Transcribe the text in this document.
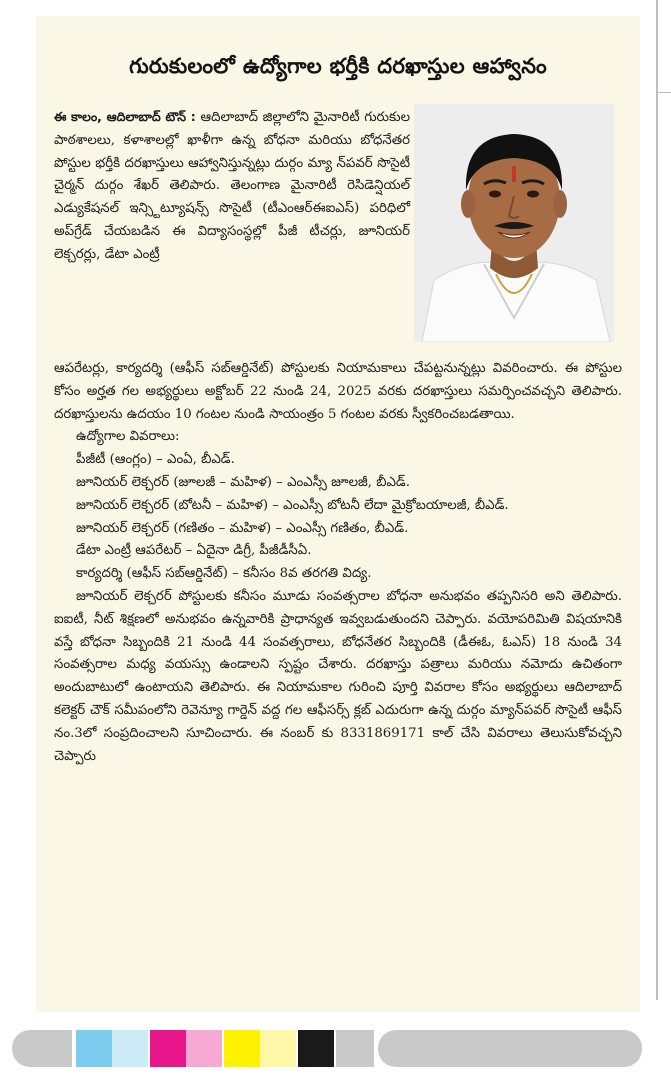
గురుకులంలో ఉద్యోగాల భర్తీకి దరఖాస్తుల ఆహ్వానం
ఈ కాలం, ఆదిలాబాద్ టౌన్ : ఆదిలాబాద్ జిల్లాలోని మైనారిటీ గురుకుల పాఠశాలలు, కళాశాలల్లో ఖాళీగా ఉన్న బోధనా మరియు బోధనేతర పోస్టుల భర్తీకి దరఖాస్తులు ఆహ్వానిస్తున్నట్లు దుర్గం మ్యా న్‌పవర్ సొసైటీ చైర్మన్ దుర్గం శేఖర్ తెలిపారు. తెలంగాణ మైనారిటీ రెసిడెన్షియల్ ఎడ్యుకేషనల్ ఇన్స్టిట్యూషన్స్ సొసైటీ (టీఎంఆర్ఈఐఎస్) పరిధిలో అప్‌గ్రేడ్ చేయబడిన ఈ విద్యాసంస్థల్లో పీజీ టీచర్లు, జూనియర్ లెక్చరర్లు, డేటా ఎంట్రీ

ఆపరేటర్లు, కార్యదర్శి (ఆఫీస్ సబ్‌ఆర్డినేట్) పోస్టులకు నియామకాలు చేపట్టనున్నట్లు వివరించారు. ఈ పోస్టుల కోసం అర్హత గల అభ్యర్థులు అక్టోబర్ 22 నుండి 24, 2025 వరకు దరఖాస్తులు సమర్పించవచ్చని తెలిపారు. దరఖాస్తులను ఉదయం 10 గంటల నుండి సాయంత్రం 5 గంటల వరకు స్వీకరించబడతాయి.

ఉద్యోగాల వివరాలు:

పీజీటీ (ఆంగ్లం) – ఎంఏ, బీఎడ్.

జూనియర్ లెక్చరర్ (జూలజీ – మహిళ) – ఎంఎస్సీ జూలజీ, బీఎడ్.

జూనియర్ లెక్చరర్ (బోటనీ – మహిళ) – ఎంఎస్సీ బోటనీ లేదా మైక్రోబయాలజీ, బీఎడ్.

జూనియర్ లెక్చరర్ (గణితం – మహిళ) – ఎంఎస్సీ గణితం, బీఎడ్.

డేటా ఎంట్రీ ఆపరేటర్ – ఏదైనా డిగ్రీ, పీజీడీసీఏ.

కార్యదర్శి (ఆఫీస్ సబ్‌ఆర్డినేట్) – కనీసం 8వ తరగతి విద్య.

జూనియర్ లెక్చరర్ పోస్టులకు కనీసం మూడు సంవత్సరాల బోధనా అనుభవం తప్పనిసరి అని తెలిపారు. ఐఐటీ, నీట్ శిక్షణలో అనుభవం ఉన్నవారికి ప్రాధాన్యత ఇవ్వబడుతుందని చెప్పారు. వయోపరిమితి విషయానికి వస్తే బోధనా సిబ్బందికి 21 నుండి 44 సంవత్సరాలు, బోధనేతర సిబ్బందికి (డీఈఓ, ఓఎస్) 18 నుండి 34 సంవత్సరాల మధ్య వయస్సు ఉండాలని స్పష్టం చేశారు. దరఖాస్తు పత్రాలు మరియు నమోదు ఉచితంగా అందుబాటులో ఉంటాయని తెలిపారు. ఈ నియామకాల గురించి పూర్తి వివరాల కోసం అభ్యర్థులు ఆదిలాబాద్ కలెక్టర్ చౌక్ సమీపంలోని రెవెన్యూ గార్డెన్ వద్ద గల ఆఫీసర్స్ క్లబ్ ఎదురుగా ఉన్న దుర్గం మ్యాన్‌పవర్ సొసైటీ ఆఫీస్ నం.3లో సంప్రదించాలని సూచించారు. ఈ నంబర్ కు 8331869171 కాల్ చేసి వివరాలు తెలుసుకోవచ్చని చెప్పారు
